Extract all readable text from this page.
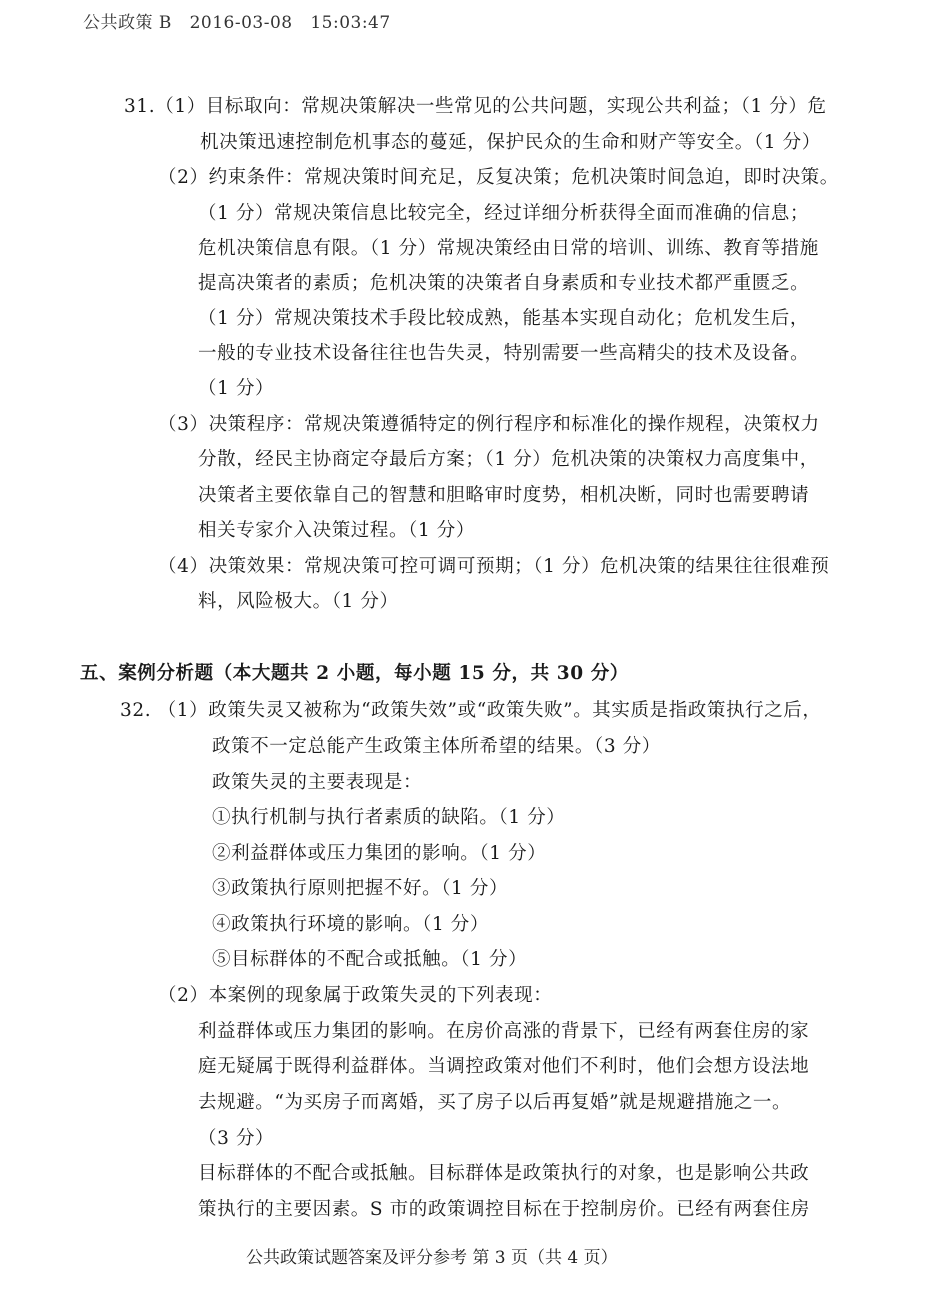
公共政策 B   2016-03-08   15:03:47
31.（1）目标取向：常规决策解决一些常见的公共问题，实现公共利益；（1 分）危
机决策迅速控制危机事态的蔓延，保护民众的生命和财产等安全。（1 分）
（2）约束条件：常规决策时间充足，反复决策；危机决策时间急迫，即时决策。
（1 分）常规决策信息比较完全，经过详细分析获得全面而准确的信息；
危机决策信息有限。（1 分）常规决策经由日常的培训、训练、教育等措施
提高决策者的素质；危机决策的决策者自身素质和专业技术都严重匮乏。
（1 分）常规决策技术手段比较成熟，能基本实现自动化；危机发生后，
一般的专业技术设备往往也告失灵，特别需要一些高精尖的技术及设备。
（1 分）
（3）决策程序：常规决策遵循特定的例行程序和标准化的操作规程，决策权力
分散，经民主协商定夺最后方案；（1 分）危机决策的决策权力高度集中，
决策者主要依靠自己的智慧和胆略审时度势，相机决断，同时也需要聘请
相关专家介入决策过程。（1 分）
（4）决策效果：常规决策可控可调可预期；（1 分）危机决策的结果往往很难预
料，风险极大。（1 分）
五、案例分析题（本大题共 2 小题，每小题 15 分，共 30 分）
32. （1）政策失灵又被称为“政策失效”或“政策失败”。其实质是指政策执行之后，
政策不一定总能产生政策主体所希望的结果。（3 分）
政策失灵的主要表现是：
①执行机制与执行者素质的缺陷。（1 分）
②利益群体或压力集团的影响。（1 分）
③政策执行原则把握不好。（1 分）
④政策执行环境的影响。（1 分）
⑤目标群体的不配合或抵触。（1 分）
（2）本案例的现象属于政策失灵的下列表现：
利益群体或压力集团的影响。在房价高涨的背景下，已经有两套住房的家
庭无疑属于既得利益群体。当调控政策对他们不利时，他们会想方设法地
去规避。“为买房子而离婚，买了房子以后再复婚”就是规避措施之一。
（3 分）
目标群体的不配合或抵触。目标群体是政策执行的对象，也是影响公共政
策执行的主要因素。S 市的政策调控目标在于控制房价。已经有两套住房
公共政策试题答案及评分参考 第 3 页（共 4 页）
